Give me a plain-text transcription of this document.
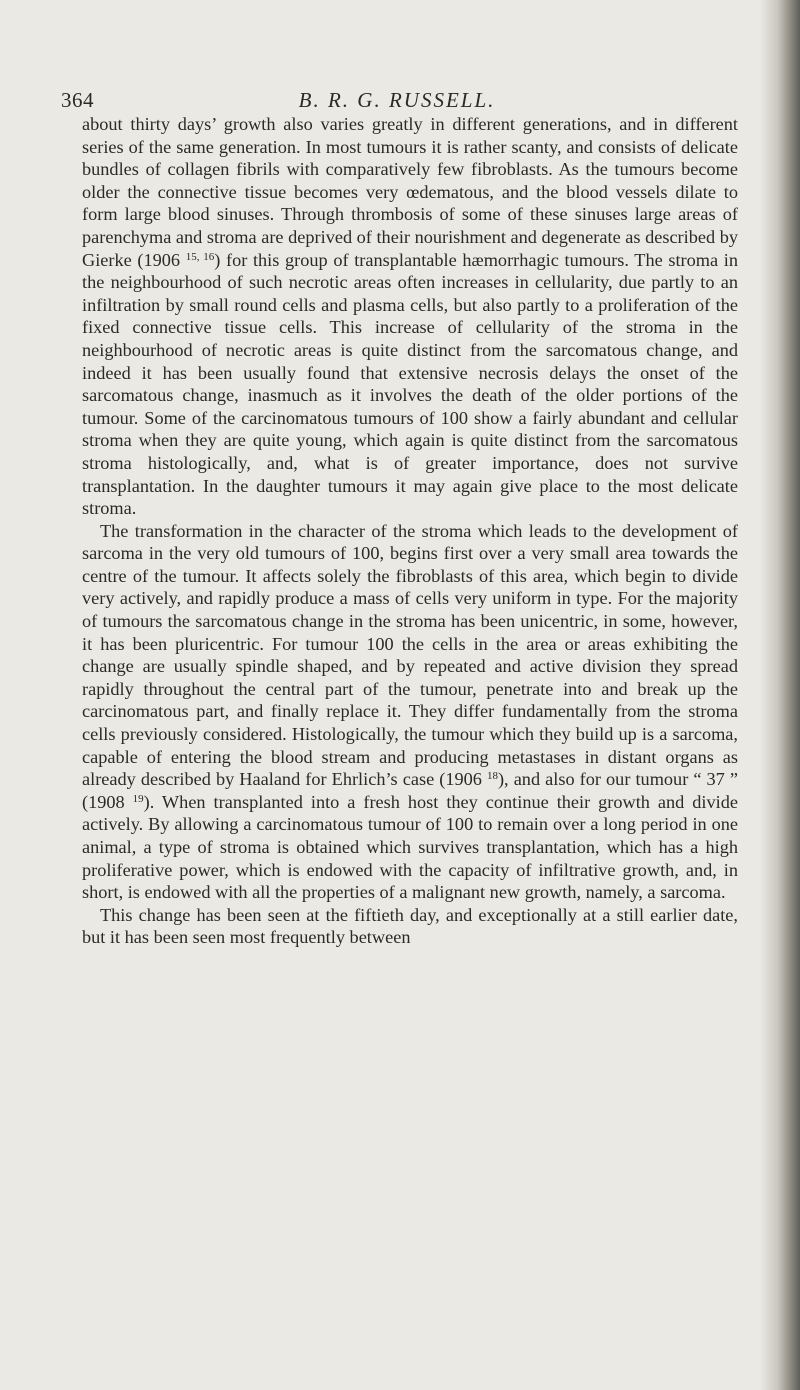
364	B. R. G. RUSSELL.

about thirty days’ growth also varies greatly in different generations, and in different series of the same generation. In most tumours it is rather scanty, and consists of delicate bundles of collagen fibrils with comparatively few fibroblasts. As the tumours become older the connective tissue becomes very œdematous, and the blood vessels dilate to form large blood sinuses. Through thrombosis of some of these sinuses large areas of parenchyma and stroma are deprived of their nourishment and degenerate as described by Gierke (1906 $^{15, 16}$) for this group of transplantable hæmorrhagic tumours. The stroma in the neighbourhood of such necrotic areas often increases in cellularity, due partly to an infiltration by small round cells and plasma cells, but also partly to a proliferation of the fixed connective tissue cells. This increase of cellularity of the stroma in the neighbourhood of necrotic areas is quite distinct from the sarcomatous change, and indeed it has been usually found that extensive necrosis delays the onset of the sarcomatous change, inasmuch as it involves the death of the older portions of the tumour. Some of the carcinomatous tumours of 100 show a fairly abundant and cellular stroma when they are quite young, which again is quite distinct from the sarcomatous stroma histologically, and, what is of greater importance, does not survive transplantation. In the daughter tumours it may again give place to the most delicate stroma.

The transformation in the character of the stroma which leads to the development of sarcoma in the very old tumours of 100, begins first over a very small area towards the centre of the tumour. It affects solely the fibroblasts of this area, which begin to divide very actively, and rapidly produce a mass of cells very uniform in type. For the majority of tumours the sarcomatous change in the stroma has been unicentric, in some, however, it has been pluricentric. For tumour 100 the cells in the area or areas exhibiting the change are usually spindle shaped, and by repeated and active division they spread rapidly throughout the central part of the tumour, penetrate into and break up the carcinomatous part, and finally replace it. They differ fundamentally from the stroma cells previously considered. Histologically, the tumour which they build up is a sarcoma, capable of entering the blood stream and producing metastases in distant organs as already described by Haaland for Ehrlich’s case (1906 $^{18}$), and also for our tumour “ 37 ” (1908 $^{19}$). When transplanted into a fresh host they continue their growth and divide actively. By allowing a carcinomatous tumour of 100 to remain over a long period in one animal, a type of stroma is obtained which survives transplantation, which has a high proliferative power, which is endowed with the capacity of infiltrative growth, and, in short, is endowed with all the properties of a malignant new growth, namely, a sarcoma.

This change has been seen at the fiftieth day, and exceptionally at a still earlier date, but it has been seen most frequently between
